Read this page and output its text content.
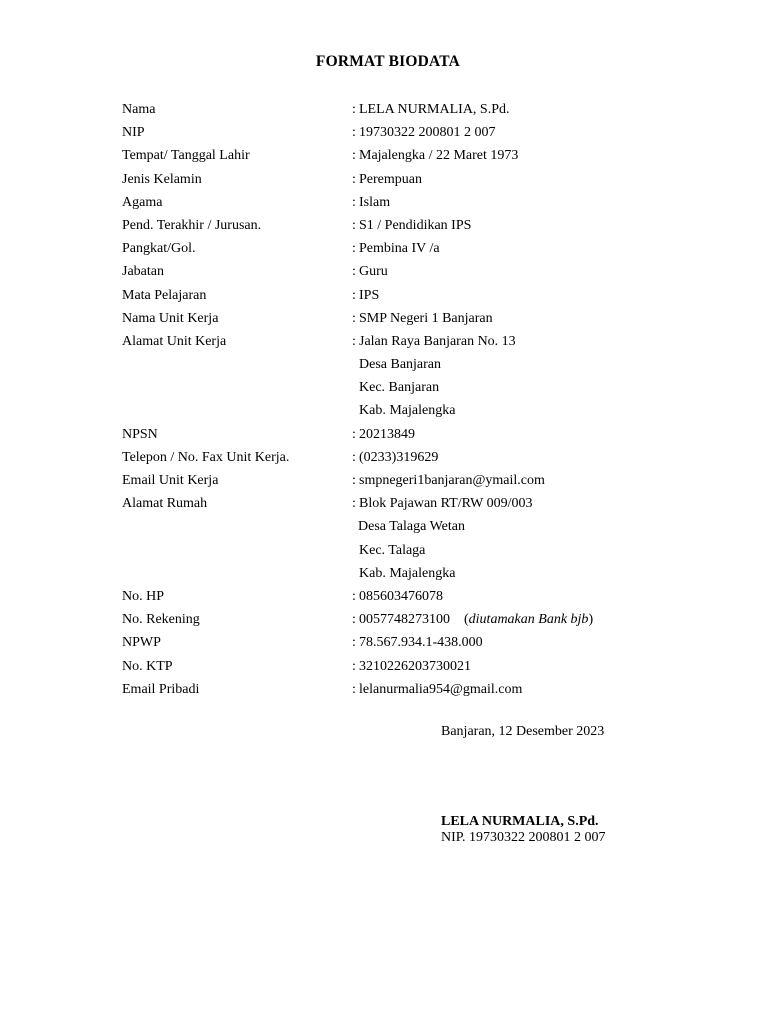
FORMAT BIODATA
Nama	: LELA NURMALIA, S.Pd.
NIP	: 19730322 200801 2 007
Tempat/ Tanggal Lahir	: Majalengka / 22 Maret 1973
Jenis Kelamin	: Perempuan
Agama	: Islam
Pend. Terakhir / Jurusan.	: S1 / Pendidikan IPS
Pangkat/Gol.	: Pembina IV /a
Jabatan	: Guru
Mata Pelajaran	: IPS
Nama Unit Kerja	: SMP Negeri 1 Banjaran
Alamat Unit Kerja	: Jalan Raya Banjaran No. 13
Desa Banjaran
Kec. Banjaran
Kab. Majalengka
NPSN	: 20213849
Telepon / No. Fax Unit Kerja.	: (0233)319629
Email Unit Kerja	: smpnegeri1banjaran@ymail.com
Alamat Rumah	: Blok Pajawan RT/RW 009/003
Desa Talaga Wetan
Kec. Talaga
Kab. Majalengka
No. HP	: 085603476078
No. Rekening	: 0057748273100 (diutamakan Bank bjb)
NPWP	: 78.567.934.1-438.000
No. KTP	: 3210226203730021
Email Pribadi	: lelanurmalia954@gmail.com
Banjaran, 12 Desember 2023
LELA NURMALIA, S.Pd.
NIP. 19730322 200801 2 007
